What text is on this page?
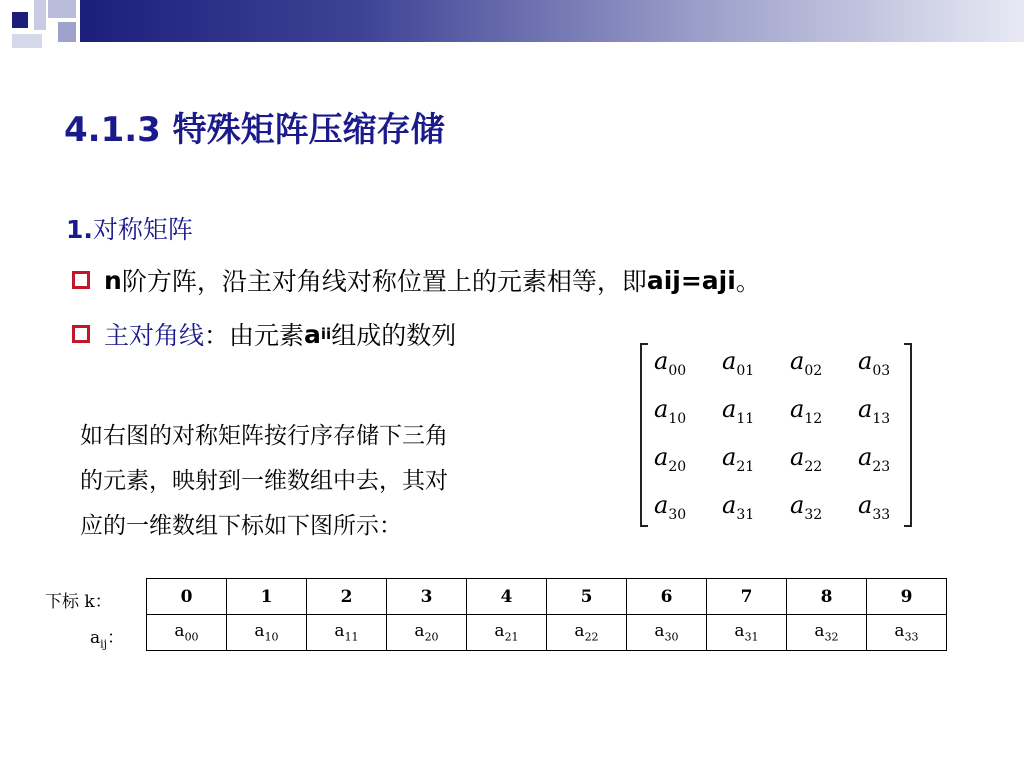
4.1.3 特殊矩阵压缩存储
1.对称矩阵
n 阶方阵，沿主对角线对称位置上的元素相等，即 aij=aji 。
主对角线 ：由元素 a ii 组成的数列

如右图的对称矩阵按行序存储下三角
的元素，映射到一维数组中去，其对
应的一维数组下标如下图所示：

$a_{00}$ $a_{01}$ $a_{02}$ $a_{03}$
$a_{10}$ $a_{11}$ $a_{12}$ $a_{13}$
$a_{20}$ $a_{21}$ $a_{22}$ $a_{23}$
$a_{30}$ $a_{31}$ $a_{32}$ $a_{33}$
下标 k：
$a_{ij}$：
0	1	2	3	4	5	6	7	8	9
$a_{00}$	$a_{10}$	$a_{11}$	$a_{20}$	$a_{21}$	$a_{22}$	$a_{30}$	$a_{31}$	$a_{32}$	$a_{33}$
